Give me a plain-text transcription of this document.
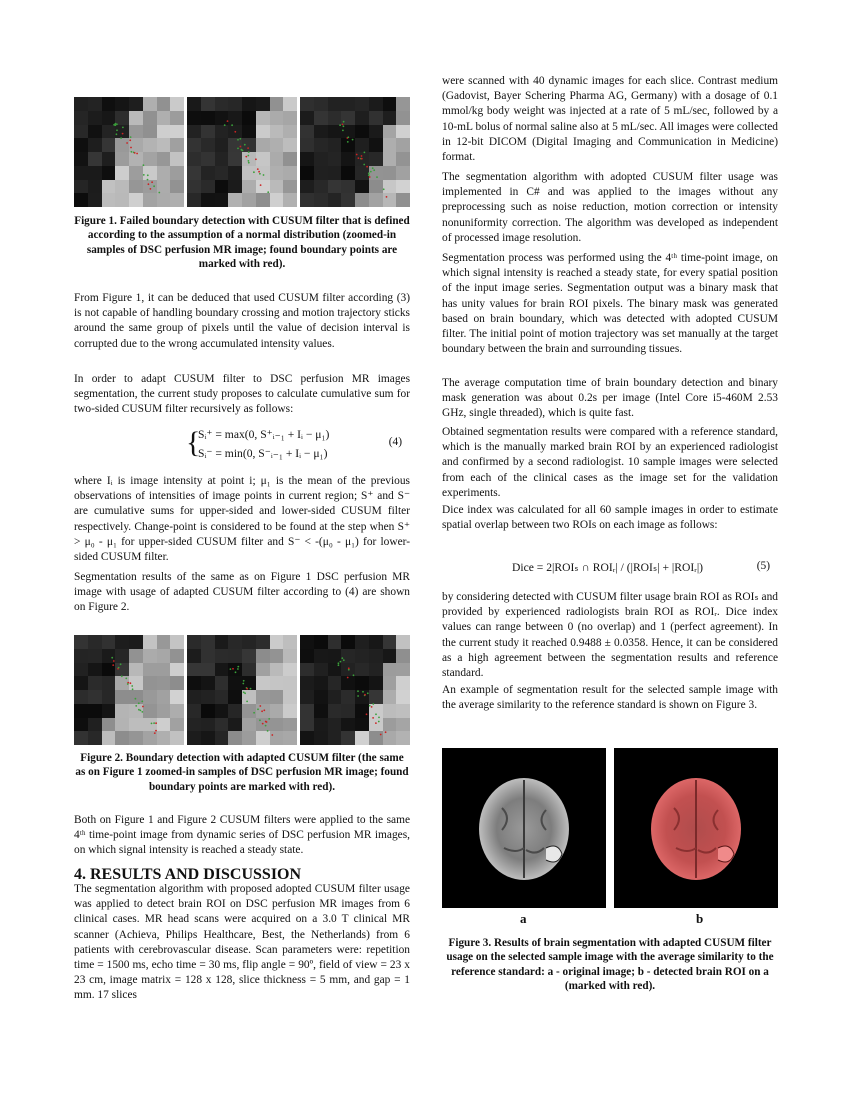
Figure 1. Failed boundary detection with CUSUM filter that is defined according to the assumption of a normal distribution (zoomed-in samples of DSC perfusion MR image; found boundary points are marked with red).

From Figure 1, it can be deduced that used CUSUM filter according (3) is not capable of handling boundary crossing and motion trajectory sticks around the same group of pixels until the value of decision interval is corrupted due to the wrong accumulated intensity values.

In order to adapt CUSUM filter to DSC perfusion MR images segmentation, the current study proposes to calculate cumulative sum for two-sided CUSUM filter recursively as follows:

{
Sᵢ⁺ = max(0, S⁺ᵢ₋₁ + Iᵢ − μ₁)
Sᵢ⁻ = min(0, S⁻ᵢ₋₁ + Iᵢ − μ₁)
(4)

where Iᵢ is image intensity at point i; μ₁ is the mean of the previous observations of intensities of image points in current region; S⁺ and S⁻ are cumulative sums for upper-sided and lower-sided CUSUM filter respectively. Change-point is considered to be found at the step when S⁺ > μ₀ - μ₁ for upper-sided CUSUM filter and S⁻ < -(μ₀ - μ₁) for lower-sided CUSUM filter.

Segmentation results of the same as on Figure 1 DSC perfusion MR image with usage of adapted CUSUM filter according to (4) are shown on Figure 2.

Figure 2. Boundary detection with adapted CUSUM filter (the same as on Figure 1 zoomed-in samples of DSC perfusion MR image; found boundary points are marked with red).

Both on Figure 1 and Figure 2 CUSUM filters were applied to the same 4ᵗʰ time-point image from dynamic series of DSC perfusion MR images, on which signal intensity is reached a steady state.

4. RESULTS AND DISCUSSION

The segmentation algorithm with proposed adopted CUSUM filter usage was applied to detect brain ROI on DSC perfusion MR images from 6 clinical cases. MR head scans were acquired on a 3.0 T clinical MR scanner (Achieva, Philips Healthcare, Best, the Netherlands) from 6 patients with cerebrovascular disease. Scan parameters were: repetition time = 1500 ms, echo time = 30 ms, flip angle = 90º, field of view = 23 x 23 cm, image matrix = 128 x 128, slice thickness = 5 mm, and gap = 1 mm. 17 slices

were scanned with 40 dynamic images for each slice. Contrast medium (Gadovist, Bayer Schering Pharma AG, Germany) with a dosage of 0.1 mmol/kg body weight was injected at a rate of 5 mL/sec, followed by a 10-mL bolus of normal saline also at 5 mL/sec. All images were collected in 12-bit DICOM (Digital Imaging and Communication in Medicine) format.

The segmentation algorithm with adopted CUSUM filter usage was implemented in C# and was applied to the images without any preprocessing such as noise reduction, motion correction or intensity nonuniformity correction. The algorithm was developed as independent of processed image resolution.

Segmentation process was performed using the 4ᵗʰ time-point image, on which signal intensity is reached a steady state, for every spatial position of the input image series. Segmentation output was a binary mask that has unity values for brain ROI pixels. The binary mask was generated based on brain boundary, which was detected with adopted CUSUM filter. The initial point of motion trajectory was set manually at the target boundary between the brain and surrounding tissues.

The average computation time of brain boundary detection and binary mask generation was about 0.2s per image (Intel Core i5-460M 2.53 GHz, single threaded), which is quite fast.

Obtained segmentation results were compared with a reference standard, which is the manually marked brain ROI by an experienced radiologist and confirmed by a second radiologist. 10 sample images were selected from each of the clinical cases as the image set for the validation experiments.

Dice index was calculated for all 60 sample images in order to estimate spatial overlap between two ROIs on each image as follows:

Dice = 2|ROIₛ ∩ ROIᵣ| / (|ROIₛ| + |ROIᵣ|)	(5)

by considering detected with CUSUM filter usage brain ROI as ROIₛ and provided by experienced radiologists brain ROI as ROIᵣ. Dice index values can range between 0 (no overlap) and 1 (perfect agreement). In the current study it reached 0.9488 ± 0.0358. Hence, it can be considered as a high agreement between the segmentation results and reference standard.

An example of segmentation result for the selected sample image with the average similarity to the reference standard is shown on Figure 3.

a	b

Figure 3. Results of brain segmentation with adapted CUSUM filter usage on the selected sample image with the average similarity to the reference standard: a - original image; b - detected brain ROI on a (marked with red).
